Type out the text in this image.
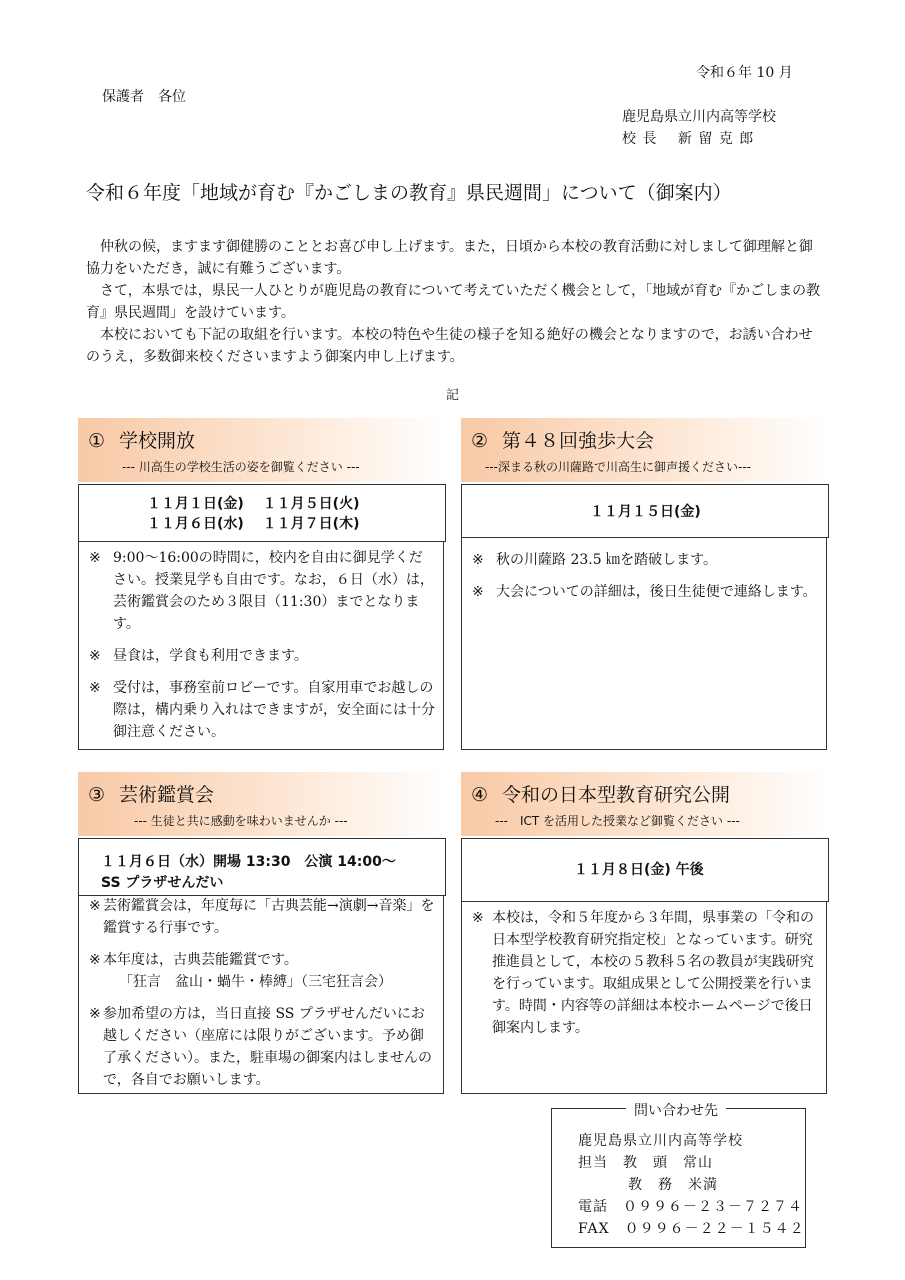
令和６年 10 月
保護者　各位
鹿児島県立川内高等学校
校 長　 新 留 克 郎
令和６年度「地域が育む『かごしまの教育』県民週間」について（御案内）

仲秋の候，ますます御健勝のこととお喜び申し上げます。また，日頃から本校の教育活動に対しまして御理解と御協力をいただき，誠に有難うございます。

さて，本県では，県民一人ひとりが鹿児島の教育について考えていただく機会として，「地域が育む『かごしまの教育』県民週間」を設けています。

本校においても下記の取組を行います。本校の特色や生徒の様子を知る絶好の機会となりますので，お誘い合わせのうえ，多数御来校くださいますよう御案内申し上げます。

記
① 学校開放
--- 川高生の学校生活の姿を御覧ください ---
１１月１日(金)　 １１月５日(火)
１１月６日(水)　 １１月７日(木)
※ 9:00～16:00の時間に，校内を自由に御見学ください。授業見学も自由です。なお，６日（水）は，芸術鑑賞会のため３限目（11:30）までとなります。
※ 昼食は，学食も利用できます。
※ 受付は，事務室前ロビーです。自家用車でお越しの際は，構内乗り入れはできますが，安全面には十分御注意ください。
② 第４８回強歩大会
---深まる秋の川薩路で川高生に御声援ください---
１１月１５日(金)
※ 秋の川薩路 23.5 ㎞を踏破します。
※ 大会についての詳細は，後日生徒便で連絡します。
③ 芸術鑑賞会
--- 生徒と共に感動を味わいませんか ---
１１月６日（水）開場 13:30　公演 14:00～
SS プラザせんだい
※ 芸術鑑賞会は，年度毎に「古典芸能→演劇→音楽」を鑑賞する行事です。
※ 本年度は，古典芸能鑑賞です。
「狂言　盆山・蝸牛・棒縛」（三宅狂言会）
※ 参加希望の方は，当日直接 SS プラザせんだいにお越しください（座席には限りがございます。予め御了承ください）。また，駐車場の御案内はしませんので，各自でお願いします。
④ 令和の日本型教育研究公開
---　ICT を活用した授業など御覧ください ---
１１月８日(金) 午後
※ 本校は，令和５年度から３年間，県事業の「令和の日本型学校教育研究指定校」となっています。研究推進員として，本校の５教科５名の教員が実践研究を行っています。取組成果として公開授業を行います。時間・内容等の詳細は本校ホームページで後日御案内します。
問い合わせ先
鹿児島県立川内高等学校
担当　教　頭　常山
教　務　米満
電話　０９９６－２３－７２７４
FAX　０９９６－２２－１５４２
